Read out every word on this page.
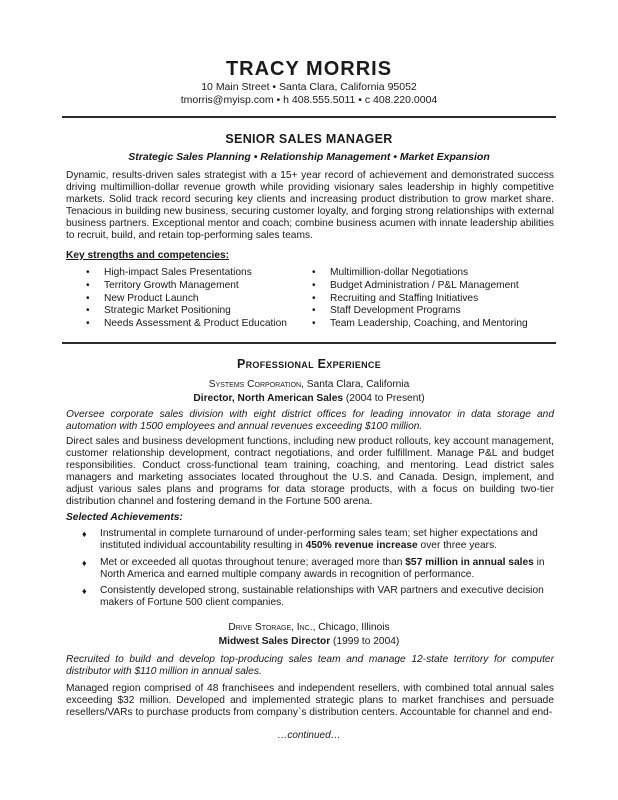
TRACY MORRIS
10 Main Street • Santa Clara, California 95052
tmorris@myisp.com • h 408.555.5011 • c 408.220.0004
SENIOR SALES MANAGER
Strategic Sales Planning • Relationship Management • Market Expansion
Dynamic, results-driven sales strategist with a 15+ year record of achievement and demonstrated success driving multimillion-dollar revenue growth while providing visionary sales leadership in highly competitive markets. Solid track record securing key clients and increasing product distribution to grow market share. Tenacious in building new business, securing customer loyalty, and forging strong relationships with external business partners. Exceptional mentor and coach; combine business acumen with innate leadership abilities to recruit, build, and retain top-performing sales teams.
Key strengths and competencies:
• High-impact Sales Presentations
• Territory Growth Management
• New Product Launch
• Strategic Market Positioning
• Needs Assessment & Product Education
• Multimillion-dollar Negotiations
• Budget Administration / P&L Management
• Recruiting and Staffing Initiatives
• Staff Development Programs
• Team Leadership, Coaching, and Mentoring
Professional Experience
Systems Corporation, Santa Clara, California
Director, North American Sales (2004 to Present)
Oversee corporate sales division with eight district offices for leading innovator in data storage and automation with 1500 employees and annual revenues exceeding $100 million.
Direct sales and business development functions, including new product rollouts, key account management, customer relationship development, contract negotiations, and order fulfillment. Manage P&L and budget responsibilities. Conduct cross-functional team training, coaching, and mentoring. Lead district sales managers and marketing associates located throughout the U.S. and Canada. Design, implement, and adjust various sales plans and programs for data storage products, with a focus on building two-tier distribution channel and fostering demand in the Fortune 500 arena.
Selected Achievements:
♦ Instrumental in complete turnaround of under-performing sales team; set higher expectations and instituted individual accountability resulting in 450% revenue increase over three years.
♦ Met or exceeded all quotas throughout tenure; averaged more than $57 million in annual sales in North America and earned multiple company awards in recognition of performance.
♦ Consistently developed strong, sustainable relationships with VAR partners and executive decision makers of Fortune 500 client companies.
Drive Storage, Inc., Chicago, Illinois
Midwest Sales Director (1999 to 2004)
Recruited to build and develop top-producing sales team and manage 12-state territory for computer distributor with $110 million in annual sales.
Managed region comprised of 48 franchisees and independent resellers, with combined total annual sales exceeding $32 million. Developed and implemented strategic plans to market franchises and persuade resellers/VARs to purchase products from company`s distribution centers. Accountable for channel and end-
…continued…
